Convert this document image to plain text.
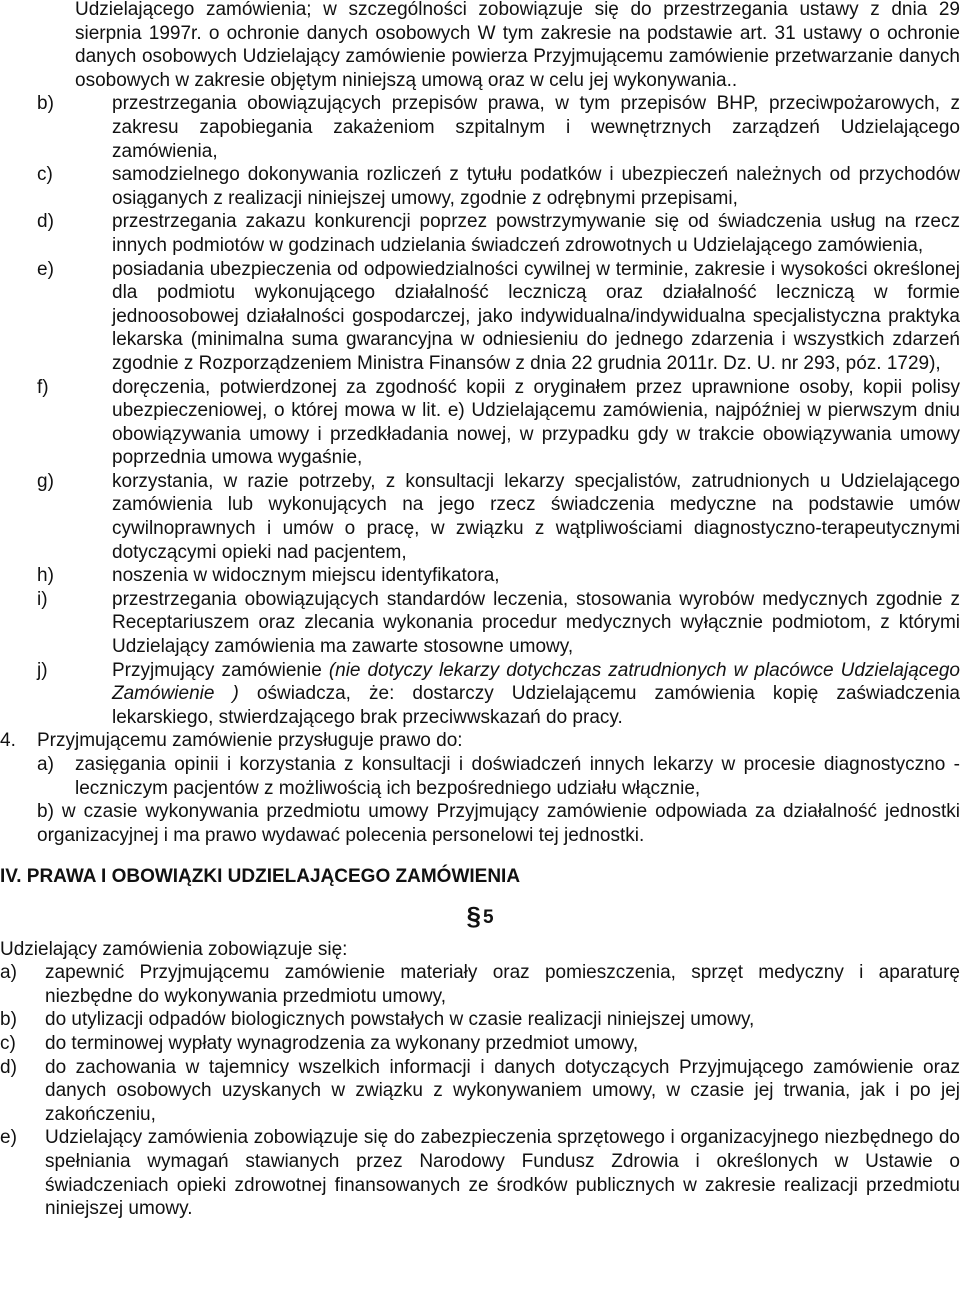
Udzielającego zamówienia; w szczególności zobowiązuje się do przestrzegania ustawy z dnia 29 sierpnia 1997r. o ochronie danych osobowych W tym zakresie na podstawie art. 31 ustawy o ochronie danych osobowych Udzielający zamówienie powierza Przyjmującemu zamówienie przetwarzanie danych osobowych w zakresie objętym niniejszą umową oraz w celu jej wykonywania..
b)	przestrzegania obowiązujących przepisów prawa, w tym przepisów BHP, przeciwpożarowych, z zakresu zapobiegania zakażeniom szpitalnym i wewnętrznych zarządzeń Udzielającego zamówienia,
c)	samodzielnego dokonywania rozliczeń z tytułu podatków i ubezpieczeń należnych od przychodów osiąganych z realizacji niniejszej umowy, zgodnie z odrębnymi przepisami,
d)	przestrzegania zakazu konkurencji poprzez powstrzymywanie się od świadczenia usług na rzecz innych podmiotów w godzinach udzielania świadczeń zdrowotnych u Udzielającego zamówienia,
e)	posiadania ubezpieczenia od odpowiedzialności cywilnej w terminie, zakresie i wysokości określonej dla podmiotu wykonującego działalność leczniczą oraz działalność leczniczą w formie jednoosobowej działalności gospodarczej, jako indywidualna/indywidualna specjalistyczna praktyka lekarska (minimalna suma gwarancyjna w odniesieniu do jednego zdarzenia i wszystkich zdarzeń zgodnie z Rozporządzeniem Ministra Finansów z dnia 22 grudnia 2011r. Dz. U. nr 293, póz. 1729),
f)	doręczenia, potwierdzonej za zgodność kopii z oryginałem przez uprawnione osoby, kopii polisy ubezpieczeniowej, o której mowa w lit. e) Udzielającemu zamówienia, najpóźniej w pierwszym dniu obowiązywania umowy i przedkładania nowej, w przypadku gdy w trakcie obowiązywania umowy poprzednia umowa wygaśnie,
g)	korzystania, w razie potrzeby, z konsultacji lekarzy specjalistów, zatrudnionych u Udzielającego zamówienia lub wykonujących na jego rzecz świadczenia medyczne na podstawie umów cywilnoprawnych i umów o pracę, w związku z wątpliwościami diagnostyczno-terapeutycznymi dotyczącymi opieki nad pacjentem,
h)	noszenia w widocznym miejscu identyfikatora,
i)	przestrzegania obowiązujących standardów leczenia, stosowania wyrobów medycznych zgodnie z Receptariuszem oraz zlecania wykonania procedur medycznych wyłącznie podmiotom, z którymi Udzielający zamówienia ma zawarte stosowne umowy,
j)	Przyjmujący zamówienie (nie dotyczy lekarzy dotychczas zatrudnionych w placówce Udzielającego Zamówienie ) oświadcza, że: dostarczy Udzielającemu zamówienia kopię zaświadczenia lekarskiego, stwierdzającego brak przeciwwskazań do pracy.
4. Przyjmującemu zamówienie przysługuje prawo do:
a)	zasięgania opinii i korzystania z konsultacji i doświadczeń innych lekarzy w procesie diagnostyczno - leczniczym pacjentów z możliwością ich bezpośredniego udziału włącznie,
b) w czasie wykonywania przedmiotu umowy Przyjmujący zamówienie odpowiada za działalność jednostki organizacyjnej i ma prawo wydawać polecenia personelowi tej jednostki.
IV. PRAWA I OBOWIĄZKI UDZIELAJĄCEGO ZAMÓWIENIA
§ 5
Udzielający zamówienia zobowiązuje się:
a)	zapewnić Przyjmującemu zamówienie materiały oraz pomieszczenia, sprzęt medyczny i aparaturę niezbędne do wykonywania przedmiotu umowy,
b)	do utylizacji odpadów biologicznych powstałych w czasie realizacji niniejszej umowy,
c)	do terminowej wypłaty wynagrodzenia za wykonany przedmiot umowy,
d)	do zachowania w tajemnicy wszelkich informacji i danych dotyczących Przyjmującego zamówienie oraz danych osobowych uzyskanych w związku z wykonywaniem umowy, w czasie jej trwania, jak i po jej zakończeniu,
e)	Udzielający zamówienia zobowiązuje się do zabezpieczenia sprzętowego i organizacyjnego niezbędnego do spełniania wymagań stawianych przez Narodowy Fundusz Zdrowia i określonych w Ustawie o świadczeniach opieki zdrowotnej finansowanych ze środków publicznych w zakresie realizacji przedmiotu niniejszej umowy.
